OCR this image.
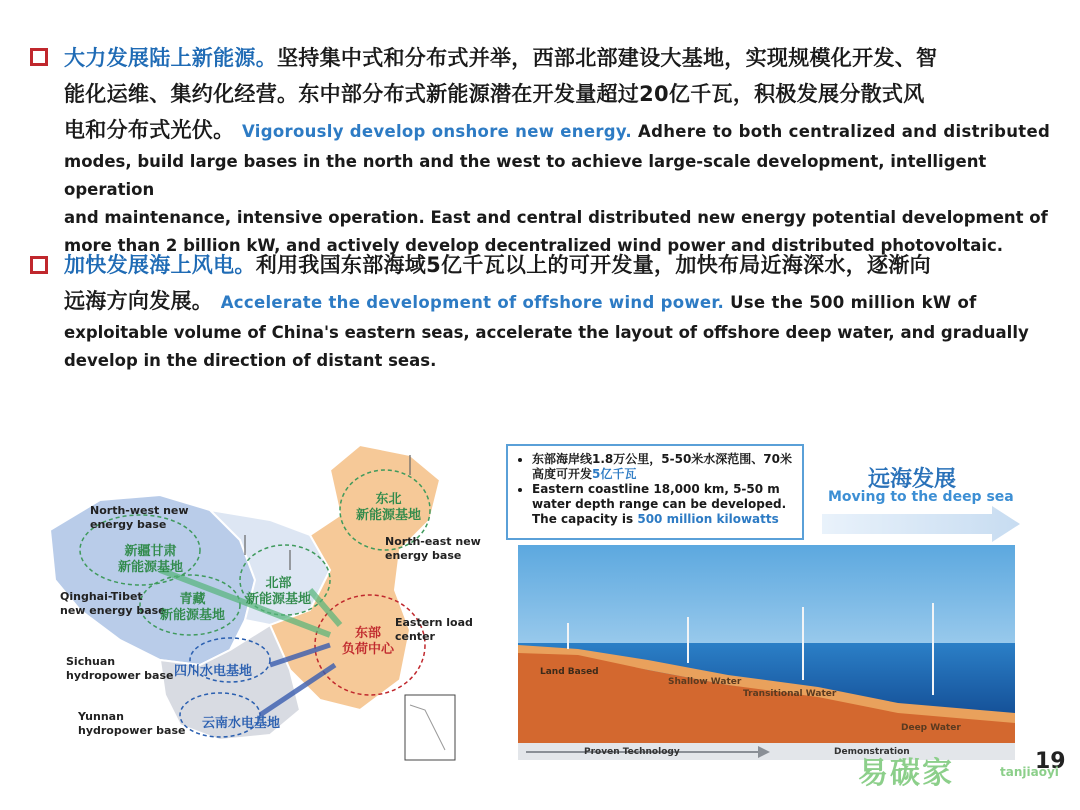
大力发展陆上新能源。坚持集中式和分布式并举，西部北部建设大基地，实现规模化开发、智
能化运维、集约化经营。东中部分布式新能源潜在开发量超过20亿千瓦，积极发展分散式风
电和分布式光伏。 Vigorously develop onshore new energy. Adhere to both centralized and distributed
modes, build large bases in the north and the west to achieve large-scale development, intelligent operation
and maintenance, intensive operation. East and central distributed new energy potential development of
more than 2 billion kW, and actively develop decentralized wind power and distributed photovoltaic.
加快发展海上风电。利用我国东部海域5亿千瓦以上的可开发量，加快布局近海深水，逐渐向
远海方向发展。 Accelerate the development of offshore wind power. Use the 500 million kW of
exploitable volume of China's eastern seas, accelerate the layout of offshore deep water, and gradually
develop in the direction of distant seas.
North-west new
energy base
新疆甘肃
新能源基地
Qinghai-Tibet
new energy base
青藏
新能源基地
Sichuan
hydropower base 四川水电基地
Yunnan
hydropower base 云南水电基地
北部
新能源基地
东北
新能源基地
North-east new
energy base
东部
负荷中心
Eastern load
center
• 东部海岸线1.8万公里，5-50米水深范围、70米高度可开发5亿千瓦
• Eastern coastline 18,000 km, 5-50 m water depth range can be developed. The capacity is 500 million kilowatts
远海发展
Moving to the deep sea
Land Based
Shallow Water
Transitional Water
Deep Water
Proven Technology	Demonstration	19
易碳家	tanjiaoyi
